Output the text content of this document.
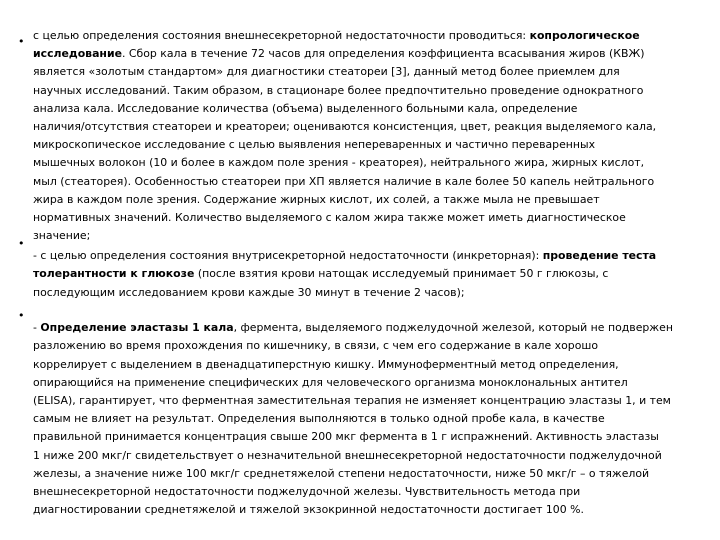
• с целью определения состояния внешнесекреторной недостаточности проводиться: копрологическое
исследование. Сбор кала в течение 72 часов для определения коэффициента всасывания жиров (КВЖ)
является «золотым стандартом» для диагностики стеатореи [3], данный метод более приемлем для
научных исследований. Таким образом, в стационаре более предпочтительно проведение однократного
анализа кала. Исследование количества (объема) выделенного больными кала, определение
наличия/отсутствия стеатореи и креатореи; оцениваются консистенция, цвет, реакция выделяемого кала,
микроскопическое исследование с целью выявления непереваренных и частично переваренных
мышечных волокон (10 и более в каждом поле зрения - креаторея), нейтрального жира, жирных кислот,
мыл (стеаторея). Особенностью стеатореи при ХП является наличие в кале более 50 капель нейтрального
жира в каждом поле зрения. Содержание жирных кислот, их солей, а также мыла не превышает
нормативных значений. Количество выделяемого с калом жира также может иметь диагностическое
значение;
•

- с целью определения состояния внутрисекреторной недостаточности (инкреторная): проведение теста
толерантности к глюкозе (после взятия крови натощак исследуемый принимает 50 г глюкозы, с
последующим исследованием крови каждые 30 минут в течение 2 часов);
•

- Определение эластазы 1 кала, фермента, выделяемого поджелудочной железой, который не подвержен
разложению во время прохождения по кишечнику, в связи, с чем его содержание в кале хорошо
коррелирует с выделением в двенадцатиперстную кишку. Иммуноферментный метод определения,
опирающийся на применение специфических для человеческого организма моноклональных антител
(ELISA), гарантирует, что ферментная заместительная терапия не изменяет концентрацию эластазы 1, и тем
самым не влияет на результат. Определения выполняются в только одной пробе кала, в качестве
правильной принимается концентрация свыше 200 мкг фермента в 1 г испражнений. Активность эластазы
1 ниже 200 мкг/г свидетельствует о незначительной внешнесекреторной недостаточности поджелудочной
железы, а значение ниже 100 мкг/г среднетяжелой степени недостаточности, ниже 50 мкг/г – о тяжелой
внешнесекреторной недостаточности поджелудочной железы. Чувствительность метода при
диагностировании среднетяжелой и тяжелой экзокринной недостаточности достигает 100 %.
